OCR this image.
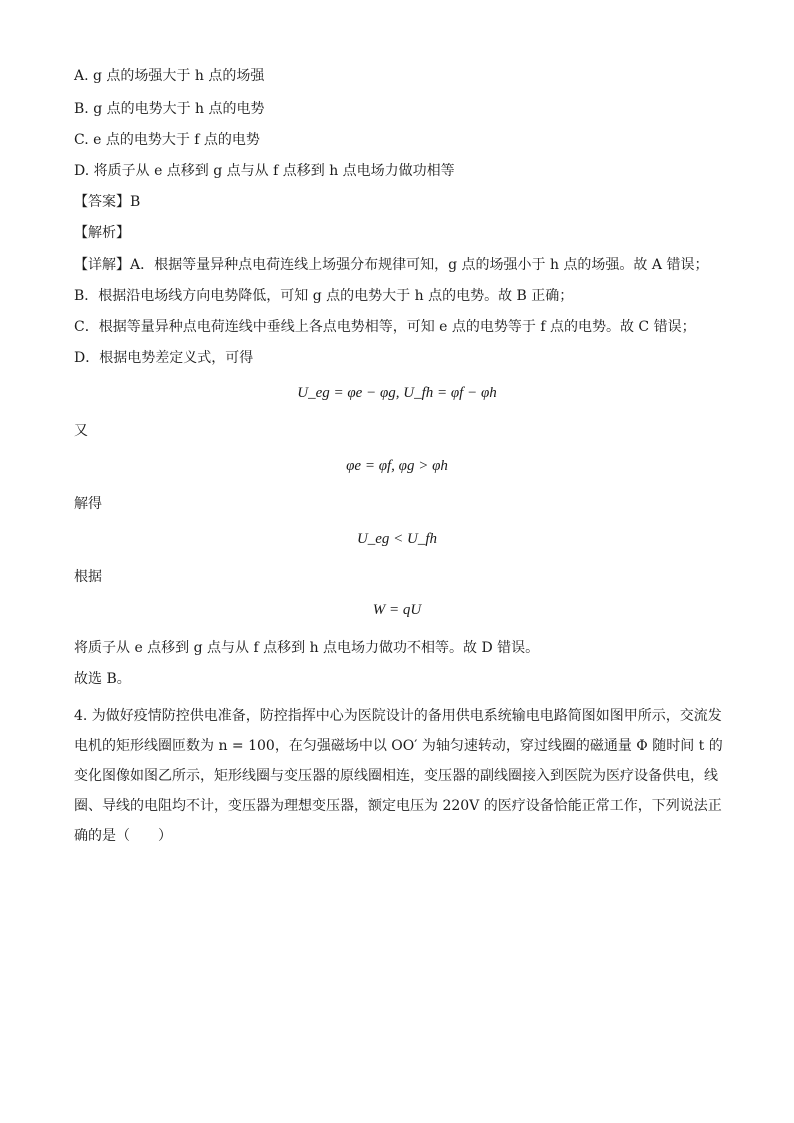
A. g 点的场强大于 h 点的场强
B. g 点的电势大于 h 点的电势
C. e 点的电势大于 f 点的电势
D. 将质子从 e 点移到 g 点与从 f 点移到 h 点电场力做功相等
【答案】B
【解析】
【详解】A．根据等量异种点电荷连线上场强分布规律可知，g 点的场强小于 h 点的场强。故 A 错误；
B．根据沿电场线方向电势降低，可知 g 点的电势大于 h 点的电势。故 B 正确；
C．根据等量异种点电荷连线中垂线上各点电势相等，可知 e 点的电势等于 f 点的电势。故 C 错误；
D．根据电势差定义式，可得
U_eg = φe − φg, U_fh = φf − φh
又
φe = φf, φg > φh
解得
U_eg < U_fh
根据
W = qU
将质子从 e 点移到 g 点与从 f 点移到 h 点电场力做功不相等。故 D 错误。
故选 B。
4. 为做好疫情防控供电准备，防控指挥中心为医院设计的备用供电系统输电电路简图如图甲所示，交流发电机的矩形线圈匝数为 n = 100，在匀强磁场中以 OO′ 为轴匀速转动，穿过线圈的磁通量 Φ 随时间 t 的变化图像如图乙所示，矩形线圈与变压器的原线圈相连，变压器的副线圈接入到医院为医疗设备供电，线圈、导线的电阻均不计，变压器为理想变压器，额定电压为 220V 的医疗设备恰能正常工作，下列说法正确的是（　　）
